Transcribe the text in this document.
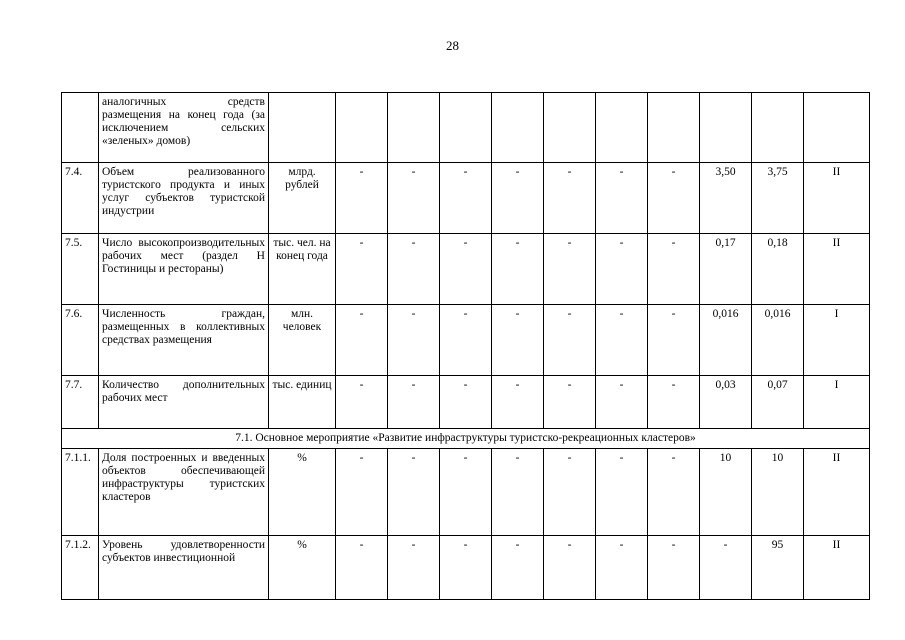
28
	аналогичных средств размещения на конец года (за исключением сельских «зеленых» домов)											
7.4.	Объем реализованного туристского продукта и иных услуг субъектов туристской индустрии	млрд. рублей	-	-	-	-	-	-	-	3,50	3,75	II
7.5.	Число высокопроизводительных рабочих мест (раздел Н Гостиницы и рестораны)	тыс. чел. на конец года	-	-	-	-	-	-	-	0,17	0,18	II
7.6.	Численность граждан, размещенных в коллективных средствах размещения	млн. человек	-	-	-	-	-	-	-	0,016	0,016	I
7.7.	Количество дополнительных рабочих мест	тыс. единиц	-	-	-	-	-	-	-	0,03	0,07	I
7.1. Основное мероприятие «Развитие инфраструктуры туристско-рекреационных кластеров»												
7.1.1.	Доля построенных и введенных объектов обеспечивающей инфраструктуры туристских кластеров	%	-	-	-	-	-	-	-	10	10	II
7.1.2.	Уровень удовлетворенности субъектов инвестиционной	%	-	-	-	-	-	-	-	-	95	II
